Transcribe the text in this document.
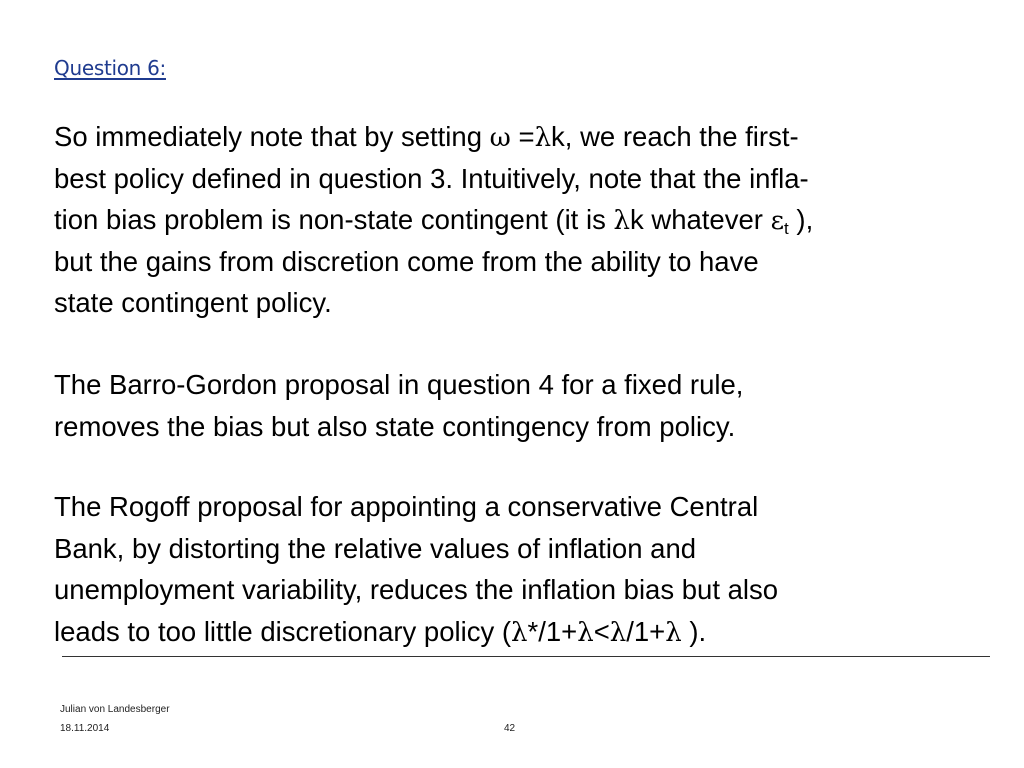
Question 6:
So immediately note that by setting ω =λk, we reach the first-
best policy defined in question 3. Intuitively, note that the infla-
tion bias problem is non-state contingent (it is λk whatever $\varepsilon_t$ ),
but the gains from discretion come from the ability to have
state contingent policy.
The Barro-Gordon proposal in question 4 for a fixed rule,
removes the bias but also state contingency from policy.
The Rogoff proposal for appointing a conservative Central
Bank, by distorting the relative values of inflation and
unemployment variability, reduces the inflation bias but also
leads to too little discretionary policy (λ*/1+λ<λ/1+λ ).
Julian von Landesberger
18.11.2014	42
